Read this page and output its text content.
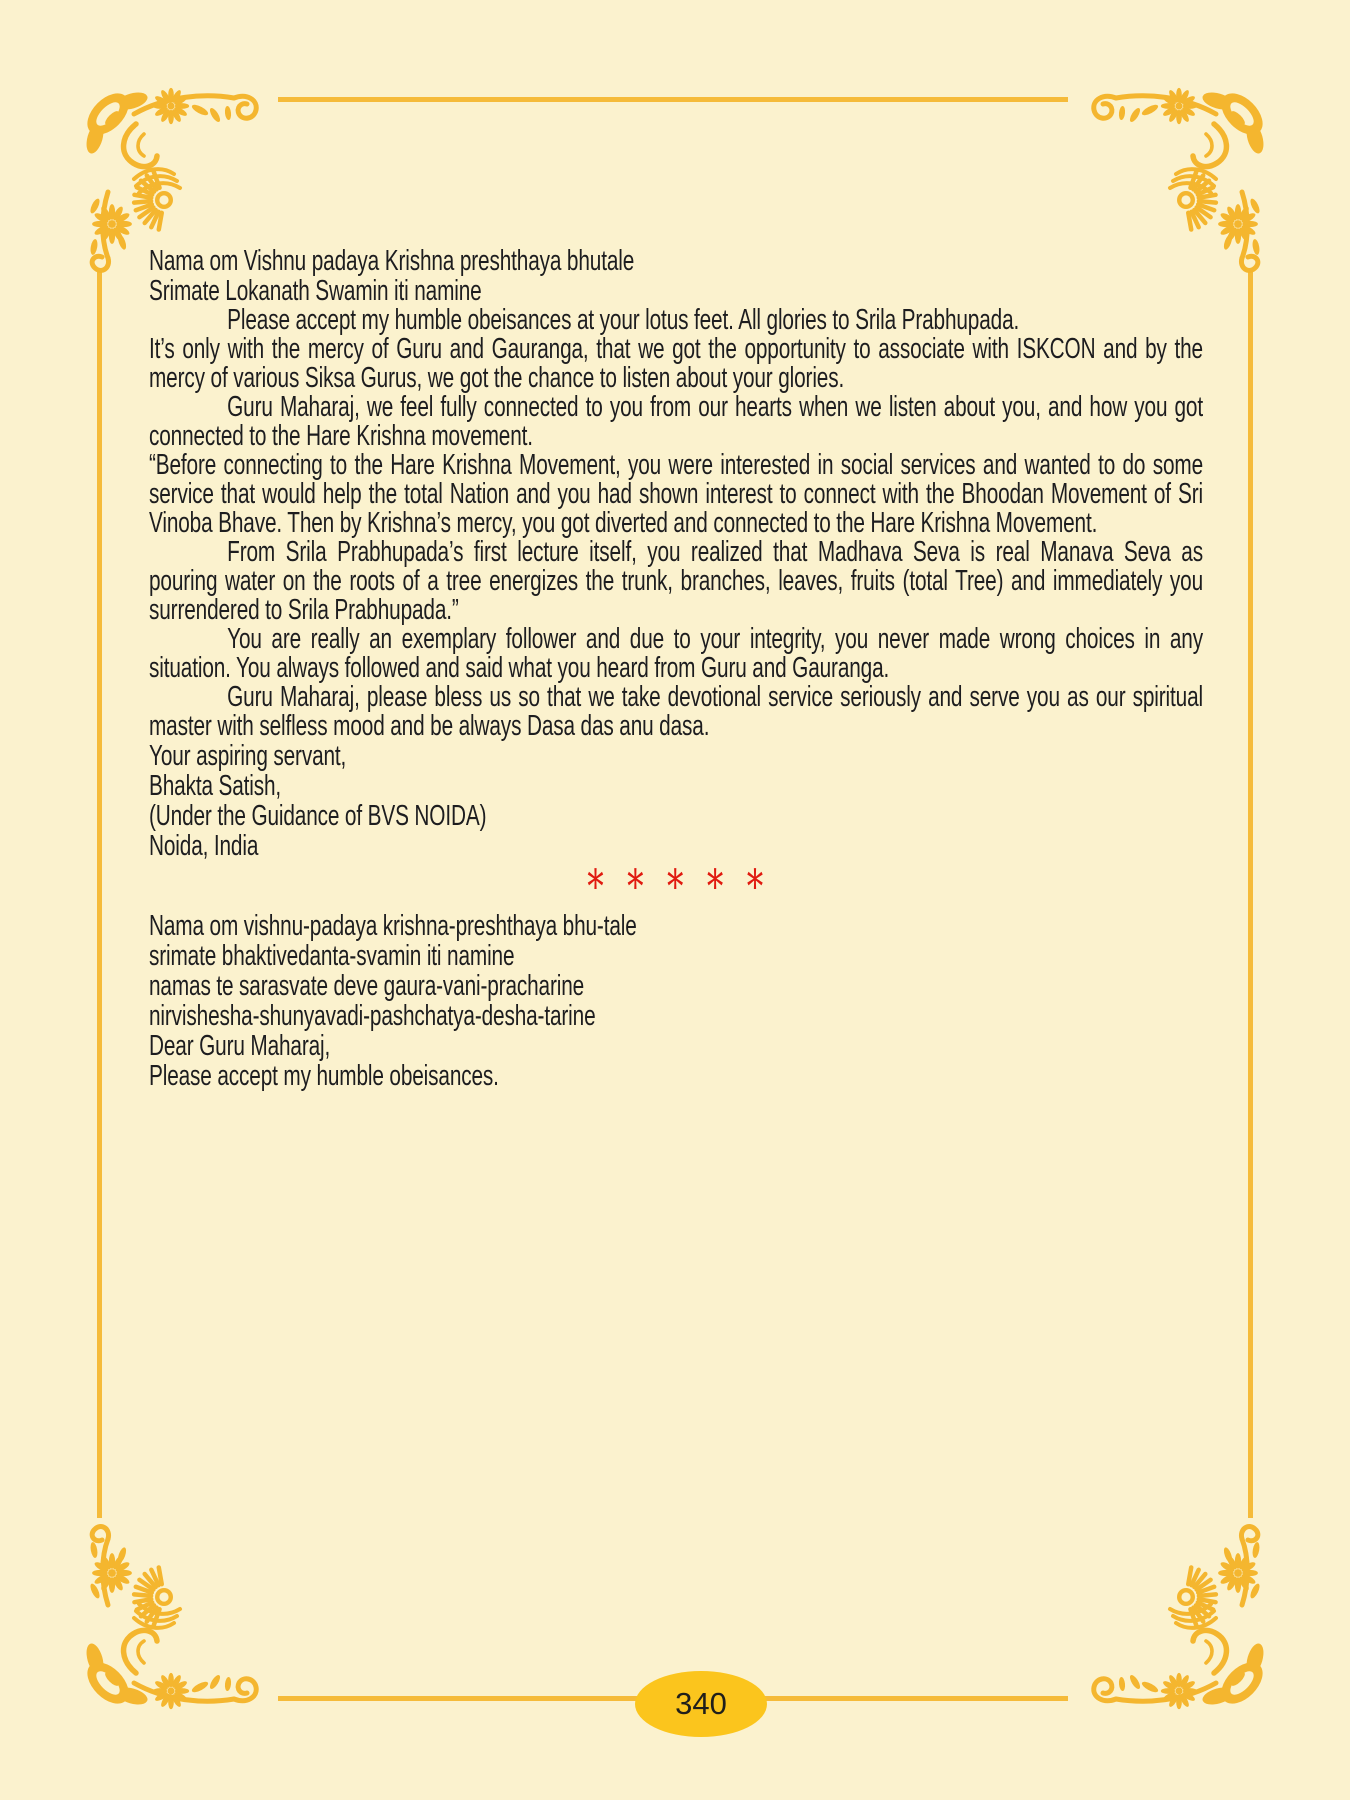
Nama om Vishnu padaya Krishna preshthaya bhutale

Srimate Lokanath Swamin iti namine

Please accept my humble obeisances at your lotus feet. All glories to Srila Prabhupada.

It’s only with the mercy of Guru and Gauranga, that we got the opportunity to associate with ISKCON and by the mercy of various Siksa Gurus, we got the chance to listen about your glories.

Guru Maharaj, we feel fully connected to you from our hearts when we listen about you, and how you got connected to the Hare Krishna movement.

“Before connecting to the Hare Krishna Movement, you were interested in social services and wanted to do some service that would help the total Nation and you had shown interest to connect with the Bhoodan Movement of Sri Vinoba Bhave. Then by Krishna’s mercy, you got diverted and connected to the Hare Krishna Movement.

From Srila Prabhupada’s first lecture itself, you realized that Madhava Seva is real Manava Seva as pouring water on the roots of a tree energizes the trunk, branches, leaves, fruits (total Tree) and immediately you surrendered to Srila Prabhupada.”

You are really an exemplary follower and due to your integrity, you never made wrong choices in any situation. You always followed and said what you heard from Guru and Gauranga.

Guru Maharaj, please bless us so that we take devotional service seriously and serve you as our spiritual master with selfless mood and be always Dasa das anu dasa.

Your aspiring servant,

Bhakta Satish,

(Under the Guidance of BVS NOIDA)

Noida, India

* * * * *

Nama om vishnu-padaya krishna-preshthaya bhu-tale

srimate bhaktivedanta-svamin iti namine

namas te sarasvate deve gaura-vani-pracharine

nirvishesha-shunyavadi-pashchatya-desha-tarine

Dear Guru Maharaj,

Please accept my humble obeisances.

340
